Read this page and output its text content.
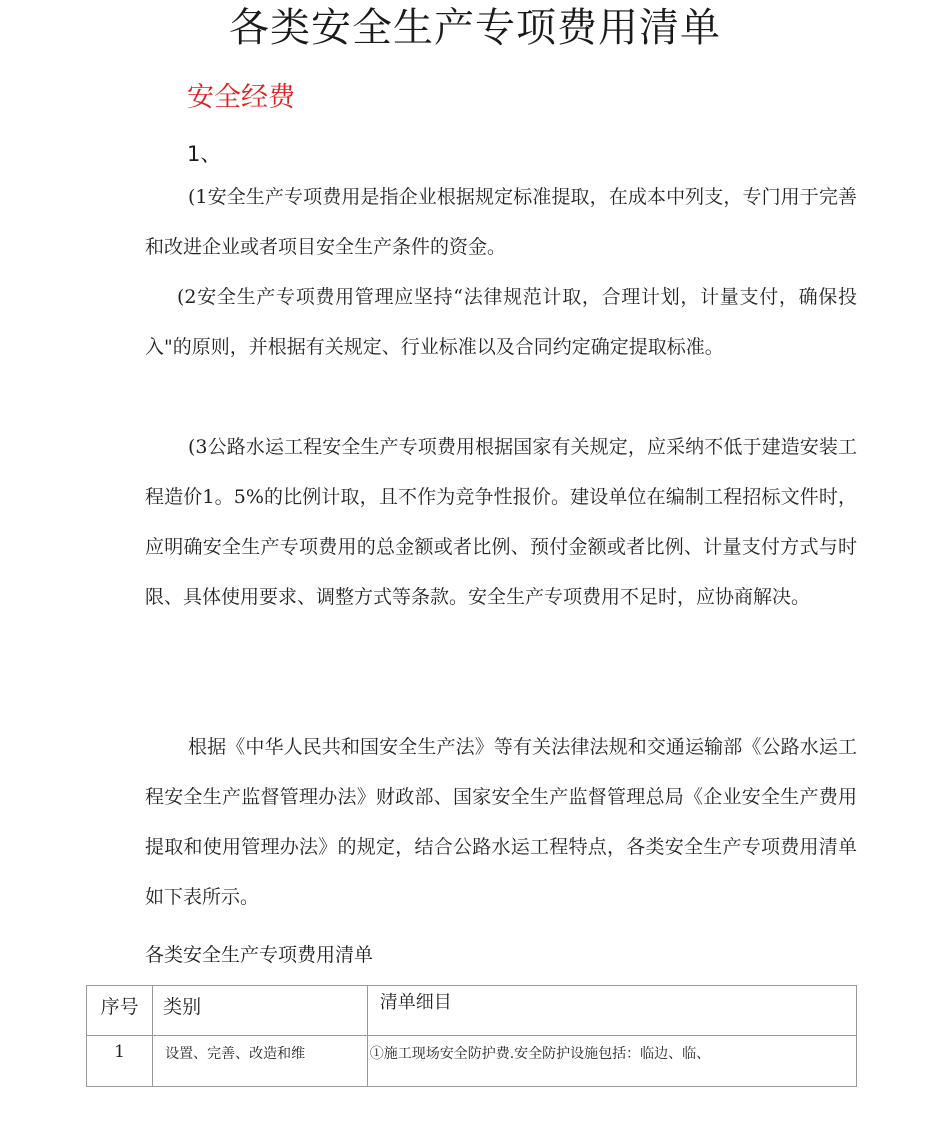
各类安全生产专项费用清单
安全经费
1、

(1安全生产专项费用是指企业根据规定标准提取，在成本中列支，专门用于完善和改进企业或者项目安全生产条件的资金。

(2安全生产专项费用管理应坚持“法律规范计取，合理计划，计量支付，确保投入"的原则，并根据有关规定、行业标准以及合同约定确定提取标准。

(3公路水运工程安全生产专项费用根据国家有关规定，应采纳不低于建造安装工程造价1。5%的比例计取，且不作为竞争性报价。建设单位在编制工程招标文件时，应明确安全生产专项费用的总金额或者比例、预付金额或者比例、计量支付方式与时限、具体使用要求、调整方式等条款。安全生产专项费用不足时，应协商解决。

根据《中华人民共和国安全生产法》等有关法律法规和交通运输部《公路水运工程安全生产监督管理办法》财政部、国家安全生产监督管理总局《企业安全生产费用提取和使用管理办法》的规定，结合公路水运工程特点，各类安全生产专项费用清单如下表所示。

各类安全生产专项费用清单
序号	类别	清单细目
1	设置、完善、改造和维	①施工现场安全防护费.安全防护设施包括：临边、临、
